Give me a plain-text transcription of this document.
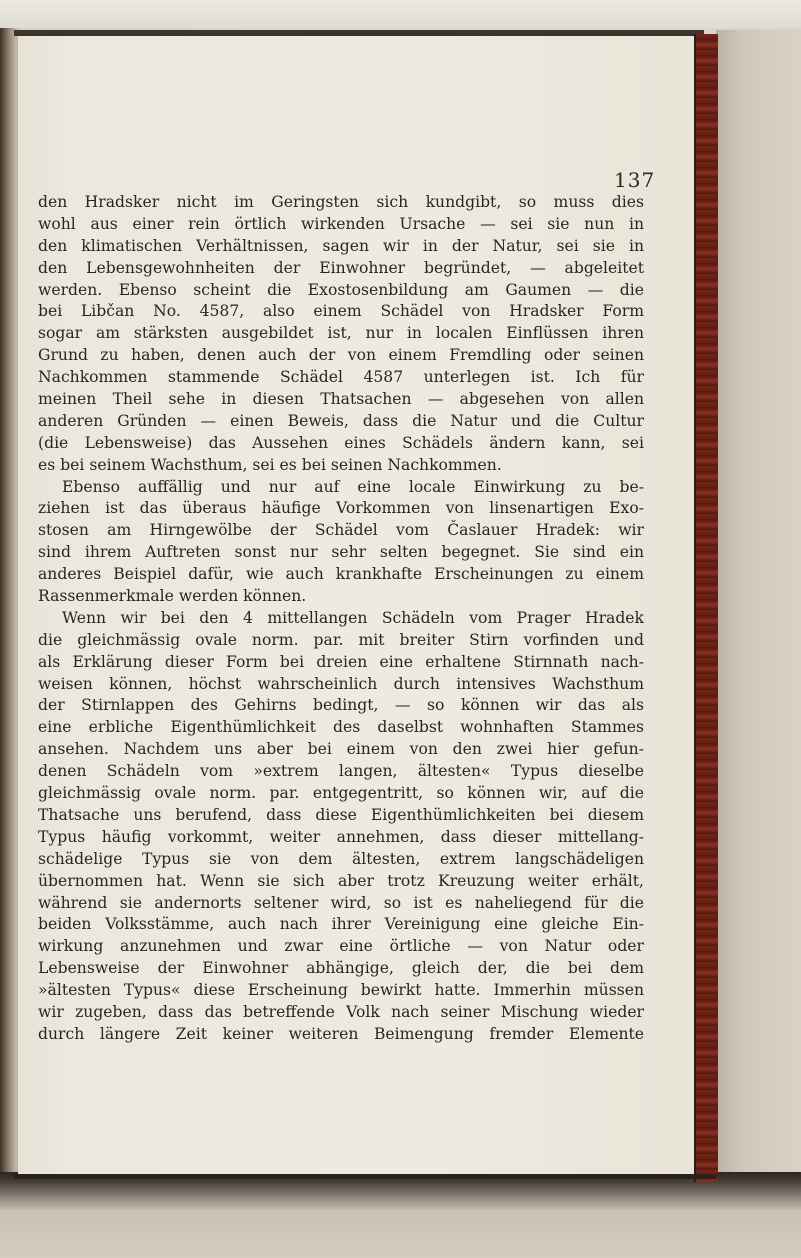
137
den Hradsker nicht im Geringsten sich kundgibt, so muss dies
wohl aus einer rein örtlich wirkenden Ursache — sei sie nun in
den klimatischen Verhältnissen, sagen wir in der Natur, sei sie in
den Lebensgewohnheiten der Einwohner begründet, — abgeleitet
werden. Ebenso scheint die Exostosenbildung am Gaumen — die
bei Libčan No. 4587, also einem Schädel von Hradsker Form
sogar am stärksten ausgebildet ist, nur in localen Einflüssen ihren
Grund zu haben, denen auch der von einem Fremdling oder seinen
Nachkommen stammende Schädel 4587 unterlegen ist. Ich für
meinen Theil sehe in diesen Thatsachen — abgesehen von allen
anderen Gründen — einen Beweis, dass die Natur und die Cultur
(die Lebensweise) das Aussehen eines Schädels ändern kann, sei
es bei seinem Wachsthum, sei es bei seinen Nachkommen.
Ebenso auffällig und nur auf eine locale Einwirkung zu be-
ziehen ist das überaus häufige Vorkommen von linsenartigen Exo-
stosen am Hirngewölbe der Schädel vom Časlauer Hradek: wir
sind ihrem Auftreten sonst nur sehr selten begegnet. Sie sind ein
anderes Beispiel dafür, wie auch krankhafte Erscheinungen zu einem
Rassenmerkmale werden können.
Wenn wir bei den 4 mittellangen Schädeln vom Prager Hradek
die gleichmässig ovale norm. par. mit breiter Stirn vorfinden und
als Erklärung dieser Form bei dreien eine erhaltene Stirnnath nach-
weisen können, höchst wahrscheinlich durch intensives Wachsthum
der Stirnlappen des Gehirns bedingt, — so können wir das als
eine erbliche Eigenthümlichkeit des daselbst wohnhaften Stammes
ansehen. Nachdem uns aber bei einem von den zwei hier gefun-
denen Schädeln vom »extrem langen, ältesten« Typus dieselbe
gleichmässig ovale norm. par. entgegentritt, so können wir, auf die
Thatsache uns berufend, dass diese Eigenthümlichkeiten bei diesem
Typus häufig vorkommt, weiter annehmen, dass dieser mittellang-
schädelige Typus sie von dem ältesten, extrem langschädeligen
übernommen hat. Wenn sie sich aber trotz Kreuzung weiter erhält,
während sie andernorts seltener wird, so ist es naheliegend für die
beiden Volksstämme, auch nach ihrer Vereinigung eine gleiche Ein-
wirkung anzunehmen und zwar eine örtliche — von Natur oder
Lebensweise der Einwohner abhängige, gleich der, die bei dem
»ältesten Typus« diese Erscheinung bewirkt hatte. Immerhin müssen
wir zugeben, dass das betreffende Volk nach seiner Mischung wieder
durch längere Zeit keiner weiteren Beimengung fremder Elemente
